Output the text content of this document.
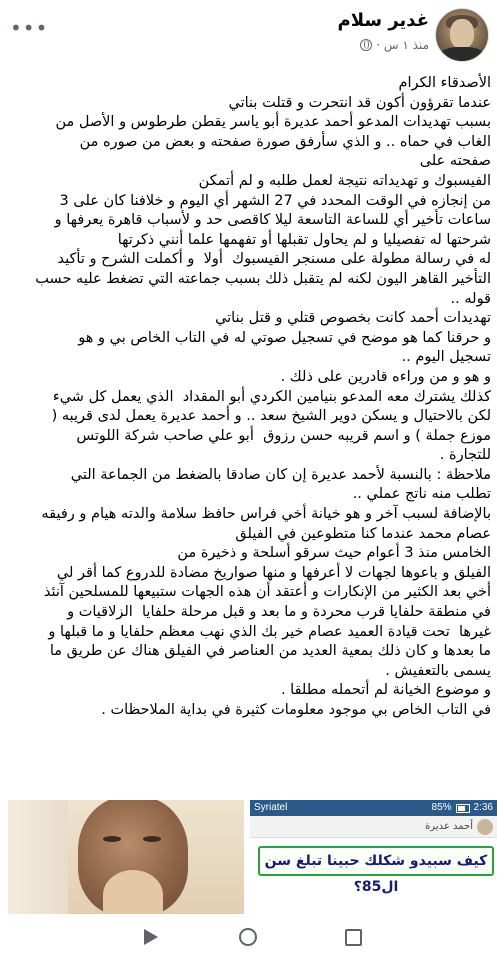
•••	غدير سلام
منذ ١ س ·
الأصدقاء الكرام
عندما تقرؤون أكون قد انتحرت و قتلت بناتي
بسبب تهديدات المدعو أحمد عديرة أبو ياسر يقطن طرطوس و الأصل من
الغاب في حماه .. و الذي سأرفق صورة صفحته و بعض من صوره من
صفحته على
الفيسبوك و تهديداته نتيجة لعمل طلبه و لم أتمكن
من إنجازه في الوقت المحدد في 27 الشهر أي اليوم و خلافنا كان على 3
ساعات تأخير أي للساعة التاسعة ليلا كاقصى حد و لأسباب قاهرة يعرفها و
شرحتها له تفصيليا و لم يحاول تقبلها أو تفهمها علما أنني ذكرتها
له في رسالة مطولة على مسنجر الفيسبوك  أولا  و أكملت الشرح و تأكيد
التأخير القاهر اليون لكنه لم يتقبل ذلك بسبب جماعته التي تضغط عليه حسب
قوله ..
تهديدات أحمد كانت بخصوص قتلي و قتل بناتي
و حرقنا كما هو موضح في تسجيل صوتي له في التاب الخاص بي و هو
تسجيل اليوم ..
و هو و من وراءه قادرين على ذلك .
كذلك يشترك معه المدعو بنيامين الكردي أبو المقداد  الذي يعمل كل شيء
لكن بالاحتيال و يسكن دوير الشيخ سعد .. و أحمد عديرة يعمل لدى قريبه (
موزع جملة ) و اسم قريبه حسن رزوق  أبو علي صاحب شركة اللوتس
للتجارة .
ملاحظة : بالنسبة لأحمد عديرة إن كان صادقا بالضغط من الجماعة التي
تطلب منه ناتج عملي ..
بالإضافة لسبب آخر و هو خيانة أخي فراس حافظ سلامة والدته هيام و رفيقه
عصام محمد عندما كنا متطوعين في الفيلق
الخامس منذ 3 أعوام حيث سرقو أسلحة و ذخيرة من
الفيلق و باعوها لجهات لا أعرفها و منها صواريخ مضادة للدروع كما أقر لي
أخي بعد الكثير من الإنكارات و أعتقد أن هذه الجهات ستبيعها للمسلحين آنئذ
في منطقة حلفايا قرب محردة و ما بعد و قبل مرحلة حلفايا  الزلاقيات و
غيرها  تحت قيادة العميد عصام خير بك الذي نهب معظم حلفايا و ما قبلها و
ما بعدها و كان ذلك بمعية العديد من العناصر في الفيلق هناك عن طريق ما
يسمى بالتعفيش .
و موضوع الخيانة لم أتحمله مطلقا .
في التاب الخاص بي موجود معلومات كثيرة في بداية الملاحظات .
Syriatel	85% 2:36
أحمد عديرة
كيف سبيدو شكلك حبينا تبلغ سن ال85؟
